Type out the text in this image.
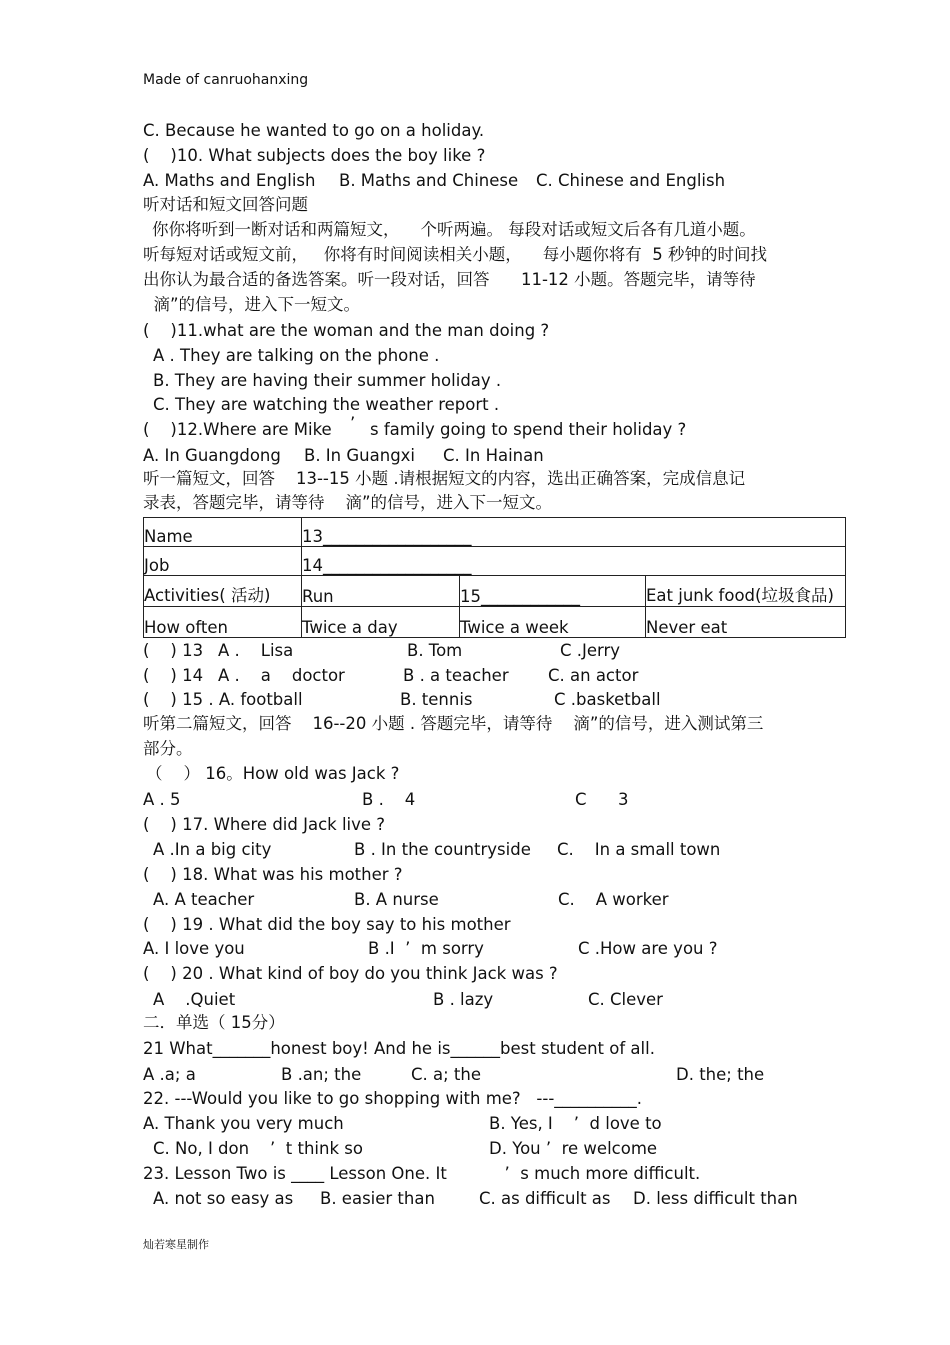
Made of canruohanxing
C. Because he wanted to go on a holiday.
(    )10. What subjects does the boy like ?
A. Maths and English B. Maths and Chinese C. Chinese and English
听对话和短文回答问题
你你将听到一断对话和两篇短文，    个听两遍。 每段对话或短文后各有几道小题。
听每短对话或短文前，   你将有时间阅读相关小题，    每小题你将有  5 秒钟的时间找
出你认为最合适的备选答案。听一段对话，回答      11-12 小题。答题完毕，请等待
滴”的信号，进入下一短文。
(    )11.what are the woman and the man doing ?
A . They are talking on the phone .
B. They are having their summer holiday .
C. They are watching the weather report .
(    )12.Where are Mike ’ s family going to spend their holiday ?
A. In Guangdong B. In Guangxi C. In Hainan
听一篇短文，回答    13--15 小题 .请根据短文的内容，选出正确答案，完成信息记
录表，答题完毕，请等待    滴”的信号，进入下一短文。
Name	13__________________		
Job	14__________________		
Activities( 活动)	Run	15____________	Eat junk food(垃圾食品)
How often	Twice a day	Twice a week	Never eat
(    ) 13 A .    Lisa	B. Tom	C .Jerry
(    ) 14 A .    a    doctor	B . a teacher C. an actor
(    ) 15 . A. football	B. tennis	C .basketball
听第二篇短文，回答    16--20 小题 . 答题完毕，请等待    滴”的信号，进入测试第三
部分。
（    ） 16。How old was Jack ?
A . 5	B .    4	C      3
(    ) 17. Where did Jack live ?
A .In a big city	B . In the countryside C.    In a small town
(    ) 18. What was his mother ?
A. A teacher	B. A nurse	C.    A worker
(    ) 19 . What did the boy say to his mother
A. I love you	B .I  ’  m sorry	C .How are you ?
(    ) 20 . What kind of boy do you think Jack was ?
A    .Quiet	B . lazy	C. Clever
二．单选（ 15分）
21 What_______honest boy! And he is______best student of all.
A .a; a	B .an; the	C. a; the	D. the; the
22. ---Would you like to go shopping with me?   ---__________.
A. Thank you very much	B. Yes, I    ’  d love to
C. No, I don    ’  t think so	D. You ’  re welcome
23. Lesson Two is ____ Lesson One. It           ’  s much more difficult.
A. not so easy as B. easier than	C. as difficult as D. less difficult than
灿若寒星制作
